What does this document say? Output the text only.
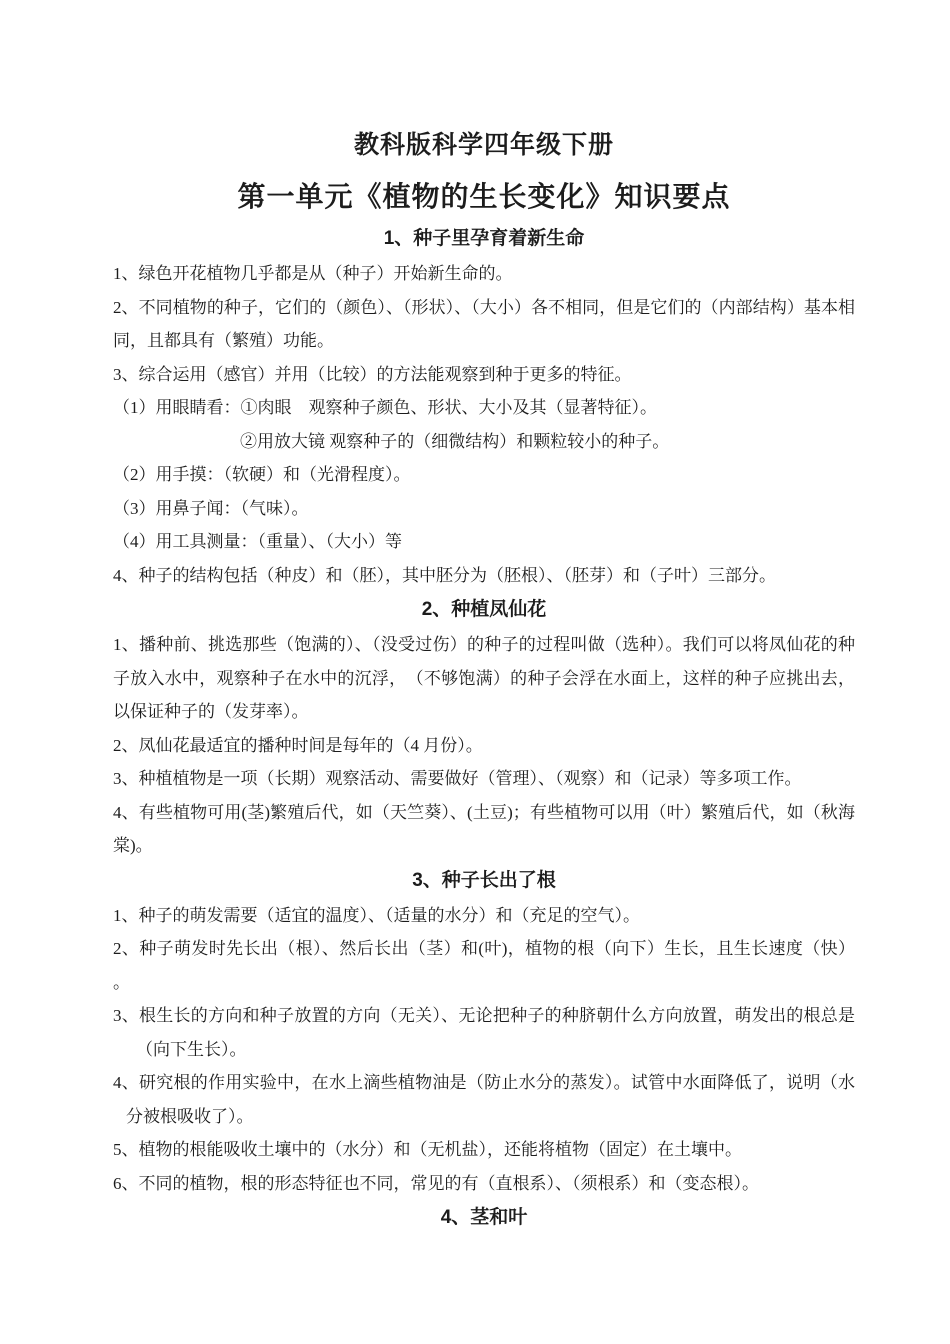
教科版科学四年级下册
第一单元《植物的生长变化》知识要点
1、种子里孕育着新生命
1、绿色开花植物几乎都是从（种子）开始新生命的。
2、不同植物的种子，它们的（颜色）、（形状）、（大小）各不相同，但是它们的（内部结构）基本相同，且都具有（繁殖）功能。
3、综合运用（感官）并用（比较）的方法能观察到种于更多的特征。
（1）用眼睛看：①肉眼　观察种子颜色、形状、大小及其（显著特征）。
②用放大镜 观察种子的（细微结构）和颗粒较小的种子。
（2）用手摸：（软硬）和（光滑程度）。
（3）用鼻子闻：（气味）。
（4）用工具测量：（重量）、（大小）等
4、种子的结构包括（种皮）和（胚），其中胚分为（胚根）、（胚芽）和（子叶）三部分。
2、种植凤仙花
1、播种前、挑选那些（饱满的）、（没受过伤）的种子的过程叫做（选种）。我们可以将凤仙花的种子放入水中，观察种子在水中的沉浮，　（不够饱满）的种子会浮在水面上，这样的种子应挑出去，以保证种子的（发芽率）。
2、凤仙花最适宜的播种时间是每年的（4 月份）。
3、种植植物是一项（长期）观察活动、需要做好（管理）、（观察）和（记录）等多项工作。
4、有些植物可用(茎)繁殖后代，如（天竺葵）、(土豆)；有些植物可以用（叶）繁殖后代，如（秋海棠)。
3、种子长出了根
1、种子的萌发需要（适宜的温度）、（适量的水分）和（充足的空气）。
2、种子萌发时先长出（根）、然后长出（茎）和(叶)，植物的根（向下）生长，且生长速度（快） 。
3、根生长的方向和种子放置的方向（无关）、无论把种子的种脐朝什么方向放置，萌发出的根总是（向下生长）。
4、研究根的作用实验中，在水上滴些植物油是（防止水分的蒸发）。试管中水面降低了，说明（水分被根吸收了）。
5、植物的根能吸收土壤中的（水分）和（无机盐），还能将植物（固定）在土壤中。
6、不同的植物，根的形态特征也不同，常见的有（直根系）、（须根系）和（变态根）。
4、茎和叶
